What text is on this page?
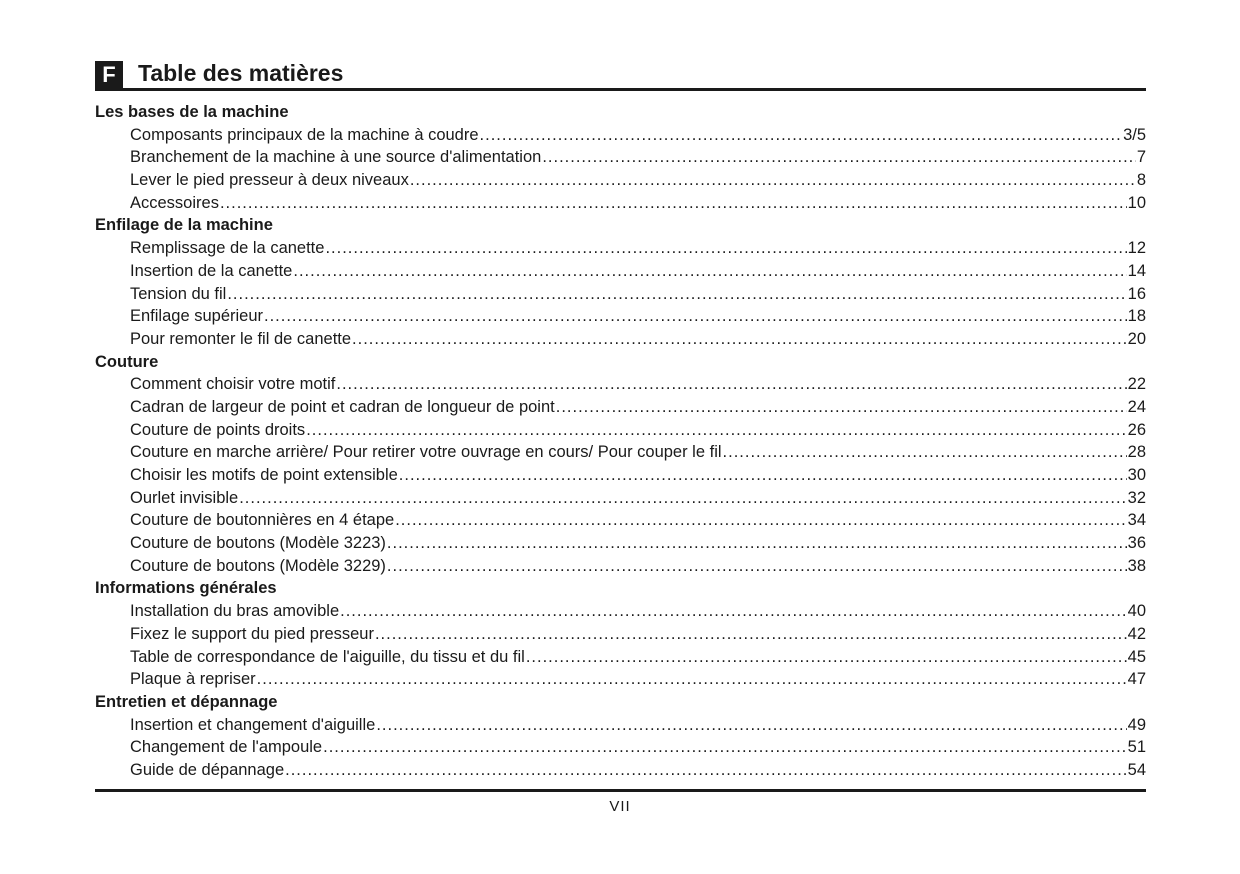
F Table des matières
Les bases de la machine
Composants principaux de la machine à coudre .....	3/5
Branchement de la machine à une source d'alimentation .....	7
Lever le pied presseur à deux niveaux .....	8
Accessoires .....	10
Enfilage de la machine
Remplissage de la canette .....	12
Insertion de la canette .....	14
Tension du fil .....	16
Enfilage supérieur .....	18
Pour remonter le fil de canette .....	20
Couture
Comment choisir votre motif .....	22
Cadran de largeur de point et cadran de longueur de point .....	24
Couture de points droits .....	26
Couture en marche arrière/ Pour retirer votre ouvrage en cours/ Pour couper le fil .....	28
Choisir les motifs de point extensible .....	30
Ourlet invisible .....	32
Couture de boutonnières en 4 étape .....	34
Couture de boutons (Modèle 3223) .....	36
Couture de boutons (Modèle 3229) .....	38
Informations générales
Installation du bras amovible .....	40
Fixez le support du pied presseur .....	42
Table de correspondance de l'aiguille, du tissu et du fil .....	45
Plaque à repriser .....	47
Entretien et dépannage
Insertion et changement d'aiguille .....	49
Changement de l'ampoule .....	51
Guide de dépannage .....	54
VII
